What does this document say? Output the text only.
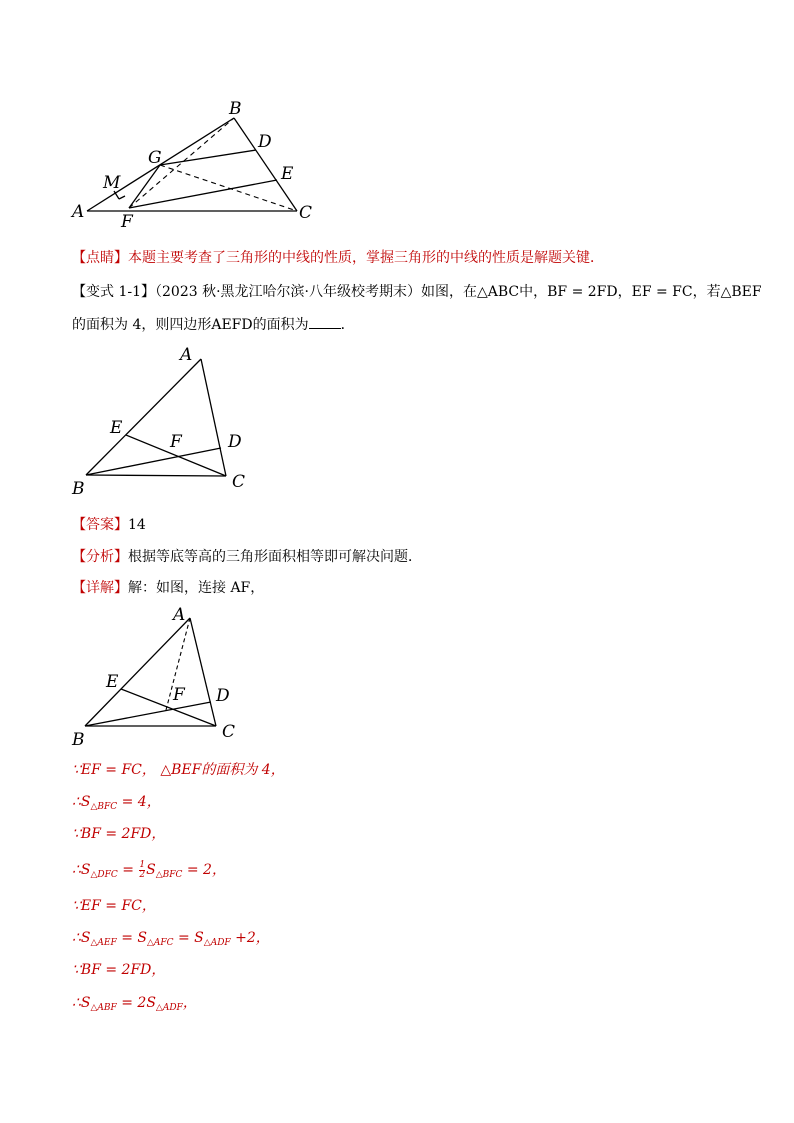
B
D
G
E
M
A F	C
【点睛】本题主要考查了三角形的中线的性质，掌握三角形的中线的性质是解题关键．
【变式 1-1】（2023 秋·黑龙江哈尔滨·八年级校考期末）如图，在△ABC中，BF = 2FD，EF = FC，若△BEF
的面积为 4，则四边形AEFD的面积为 ．
A
E
F	D
B	C
【答案】14
【分析】根据等底等高的三角形面积相等即可解决问题．
【详解】解：如图，连接 AF，
A
E
F D
B	C
∵EF = FC， △BEF的面积为 4，
$\therefore S_{\triangle BFC} = 4$，
∵BF = 2FD，
$\therefore S_{\triangle DFC} = \frac{1}{2} S_{\triangle BFC} = 2$，
∵EF = FC，
$\therefore S_{\triangle AEF} = S_{\triangle AFC} = S_{\triangle ADF} +2$，
∵BF = 2FD，
$\therefore S_{\triangle ABF} = 2S_{\triangle ADF}$，
